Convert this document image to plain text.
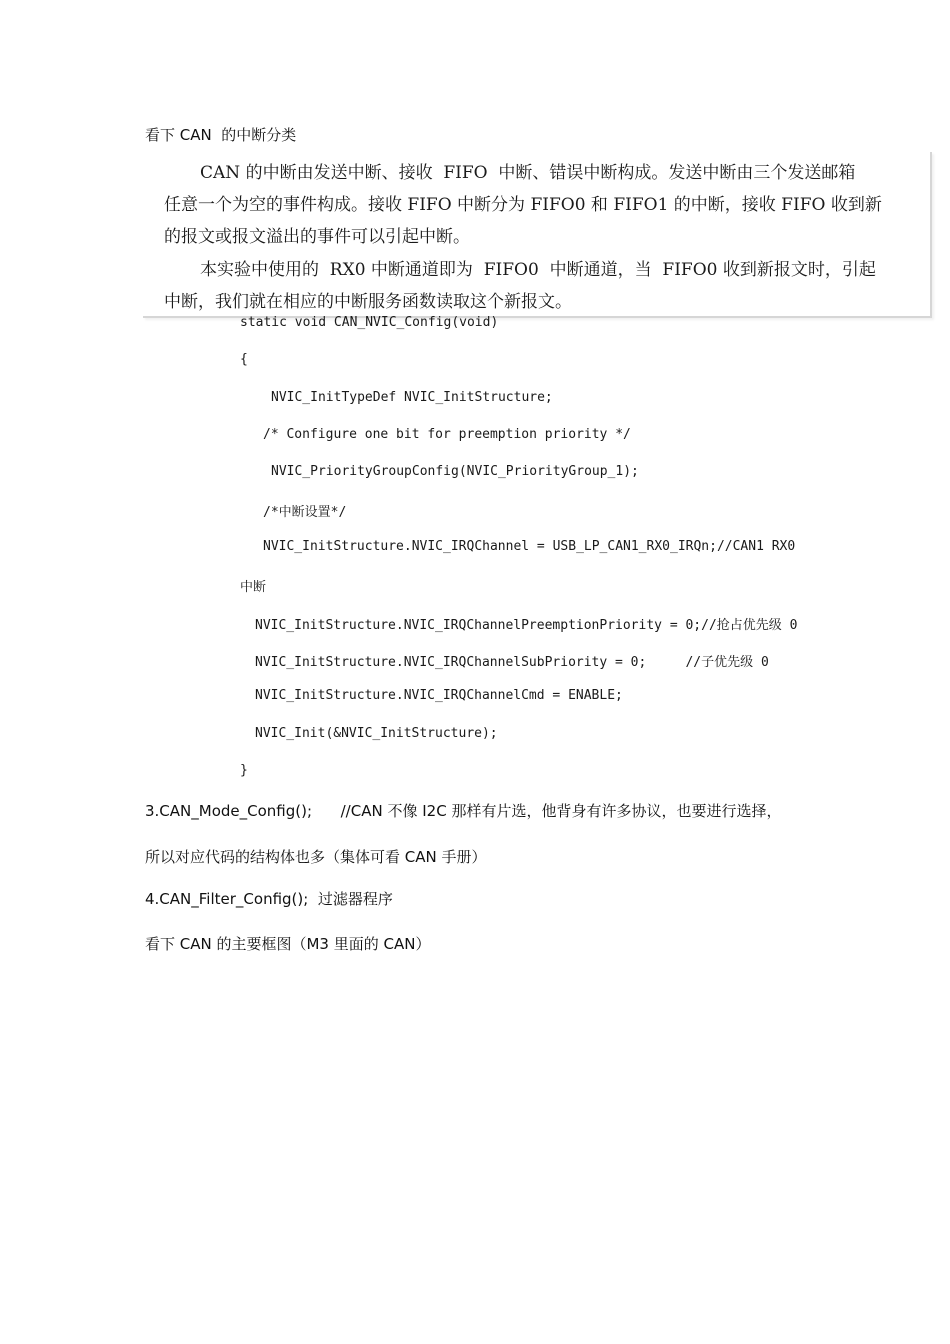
看下 CAN  的中断分类
CAN 的中断由发送中断、接收  FIFO  中断、错误中断构成。发送中断由三个发送邮箱
任意一个为空的事件构成。接收 FIFO 中断分为 FIFO0 和 FIFO1 的中断，接收 FIFO 收到新
的报文或报文溢出的事件可以引起中断。
本实验中使用的  RX0 中断通道即为  FIFO0  中断通道，当  FIFO0 收到新报文时，引起
中断，我们就在相应的中断服务函数读取这个新报文。
static void CAN_NVIC_Config(void)
{
NVIC_InitTypeDef NVIC_InitStructure;
/* Configure one bit for preemption priority */
NVIC_PriorityGroupConfig(NVIC_PriorityGroup_1);
/*中断设置*/
NVIC_InitStructure.NVIC_IRQChannel = USB_LP_CAN1_RX0_IRQn;//CAN1 RX0
中断
NVIC_InitStructure.NVIC_IRQChannelPreemptionPriority = 0;//抢占优先级 0
NVIC_InitStructure.NVIC_IRQChannelSubPriority = 0;     //子优先级 0
NVIC_InitStructure.NVIC_IRQChannelCmd = ENABLE;
NVIC_Init(&NVIC_InitStructure);
}
3.CAN_Mode_Config();      //CAN 不像 I2C 那样有片选，他背身有许多协议，也要进行选择，
所以对应代码的结构体也多（集体可看 CAN 手册）
4.CAN_Filter_Config();  过滤器程序
看下 CAN 的主要框图（M3 里面的 CAN）
